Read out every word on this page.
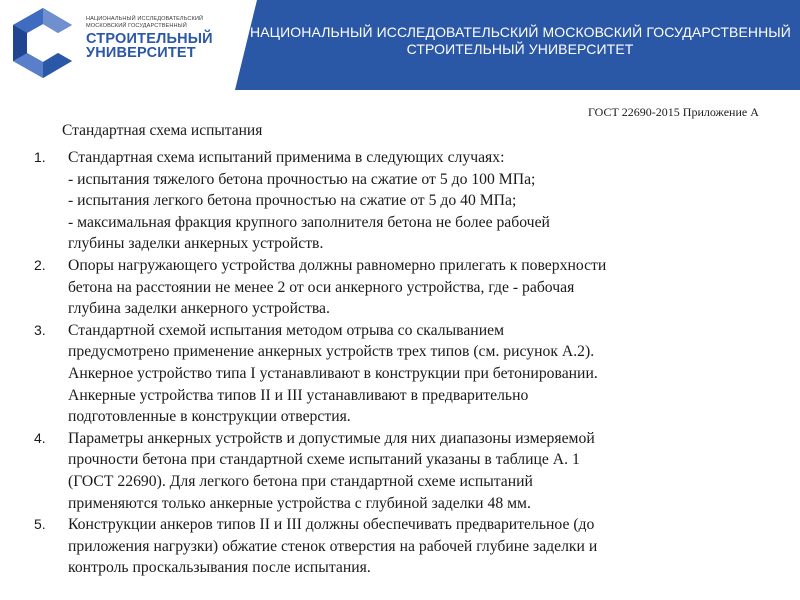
НАЦИОНАЛЬНЫЙ ИССЛЕДОВАТЕЛЬСКИЙ МОСКОВСКИЙ ГОСУДАРСТВЕННЫЙ
СТРОИТЕЛЬНЫЙ УНИВЕРСИТЕТ
НАЦИОНАЛЬНЫЙ ИССЛЕДОВАТЕЛЬСКИЙ
МОСКОВСКИЙ ГОСУДАРСТВЕННЫЙ
СТРОИТЕЛЬНЫЙ
УНИВЕРСИТЕТ
ГОСТ 22690-2015 Приложение А
Стандартная схема испытания
1. Стандартная схема испытаний применима в следующих случаях:
- испытания тяжелого бетона прочностью на сжатие от 5 до 100 МПа;
- испытания легкого бетона прочностью на сжатие от 5 до 40 МПа;
- максимальная фракция крупного заполнителя бетона не более рабочей
глубины заделки анкерных устройств.
2. Опоры нагружающего устройства должны равномерно прилегать к поверхности
бетона на расстоянии не менее 2 от оси анкерного устройства, где - рабочая
глубина заделки анкерного устройства.
3. Стандартной схемой испытания методом отрыва со скалыванием
предусмотрено применение анкерных устройств трех типов (см. рисунок А.2).
Анкерное устройство типа I устанавливают в конструкции при бетонировании.
Анкерные устройства типов II и III устанавливают в предварительно
подготовленные в конструкции отверстия.
4. Параметры анкерных устройств и допустимые для них диапазоны измеряемой
прочности бетона при стандартной схеме испытаний указаны в таблице А. 1
(ГОСТ 22690). Для легкого бетона при стандартной схеме испытаний
применяются только анкерные устройства с глубиной заделки 48 мм.
5. Конструкции анкеров типов II и III должны обеспечивать предварительное (до
приложения нагрузки) обжатие стенок отверстия на рабочей глубине заделки и
контроль проскальзывания после испытания.
